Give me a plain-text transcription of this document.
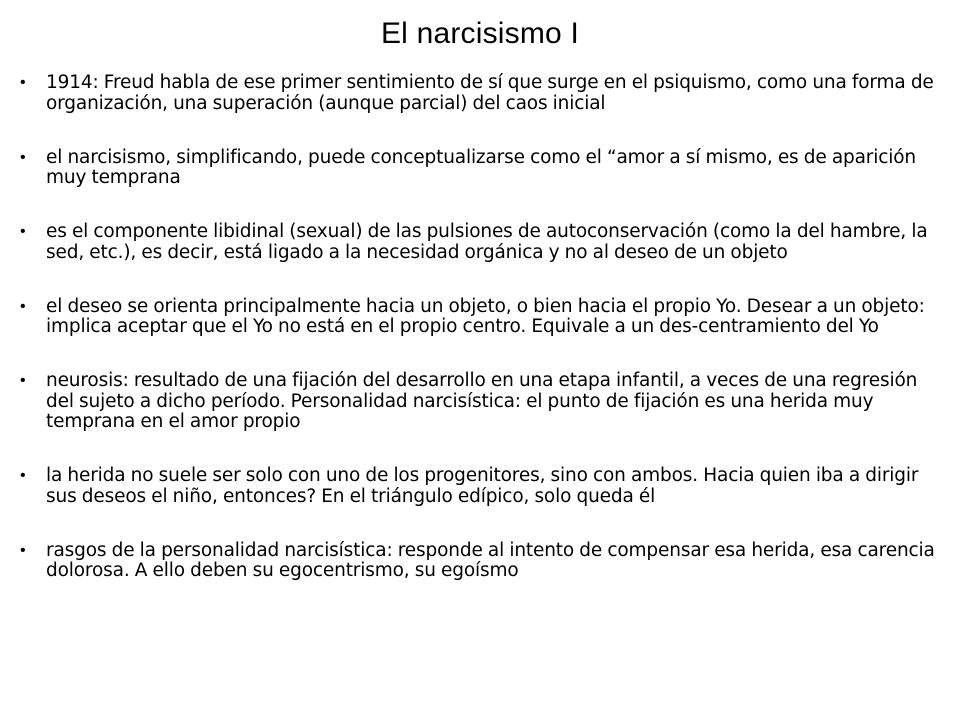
El narcisismo I
• 1914: Freud habla de ese primer sentimiento de sí que surge en el psiquismo, como una forma de organización, una superación (aunque parcial) del caos inicial
• el narcisismo, simplificando, puede conceptualizarse como el “amor a sí mismo, es de aparición muy temprana
• es el componente libidinal (sexual) de las pulsiones de autoconservación (como la del hambre, la sed, etc.), es decir, está ligado a la necesidad orgánica y no al deseo de un objeto
• el deseo se orienta principalmente hacia un objeto, o bien hacia el propio Yo. Desear a un objeto: implica aceptar que el Yo no está en el propio centro. Equivale a un des-centramiento del Yo
• neurosis: resultado de una fijación del desarrollo en una etapa infantil, a veces de una regresión del sujeto a dicho período. Personalidad narcisística: el punto de fijación es una herida muy temprana en el amor propio
• la herida no suele ser solo con uno de los progenitores, sino con ambos. Hacia quien iba a dirigir sus deseos el niño, entonces? En el triángulo edípico, solo queda él
• rasgos de la personalidad narcisística: responde al intento de compensar esa herida, esa carencia dolorosa. A ello deben su egocentrismo, su egoísmo
